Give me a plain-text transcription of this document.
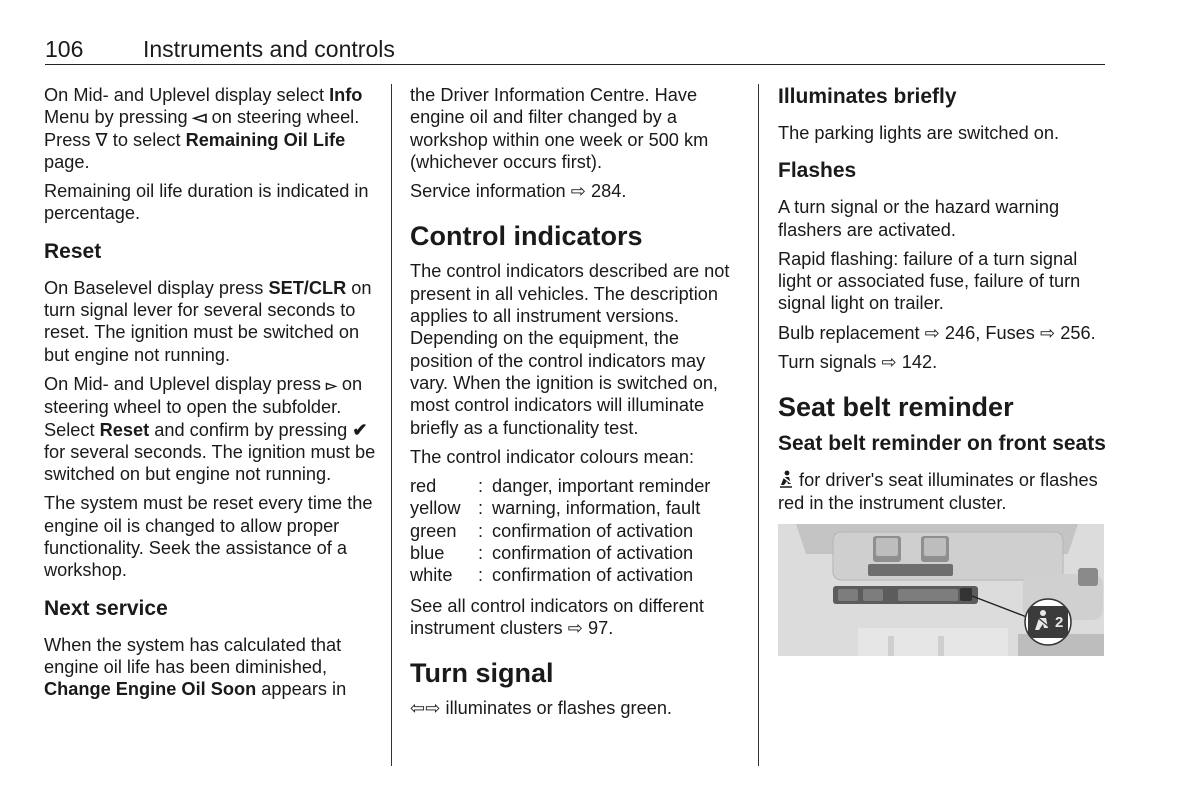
106	Instruments and controls

On Mid- and Uplevel display select Info Menu by pressing ◅ on steering wheel. Press ∇ to select Remaining Oil Life page.

Remaining oil life duration is indicated in percentage.

Reset

On Baselevel display press SET/CLR on turn signal lever for several seconds to reset. The ignition must be switched on but engine not running.

On Mid- and Uplevel display press ▻ on steering wheel to open the subfolder. Select Reset and confirm by pressing ✔ for several seconds. The ignition must be switched on but engine not running.

The system must be reset every time the engine oil is changed to allow proper functionality. Seek the assistance of a workshop.

Next service

When the system has calculated that engine oil life has been diminished, Change Engine Oil Soon appears in

the Driver Information Centre. Have engine oil and filter changed by a workshop within one week or 500 km (whichever occurs first).

Service information ⇨ 284.

Control indicators

The control indicators described are not present in all vehicles. The description applies to all instrument versions. Depending on the equipment, the position of the control indicators may vary. When the ignition is switched on, most control indicators will illuminate briefly as a functionality test.

The control indicator colours mean:

red	:	danger, important reminder
yellow	:	warning, information, fault
green	:	confirmation of activation
blue	:	confirmation of activation
white	:	confirmation of activation

See all control indicators on different instrument clusters ⇨ 97.

Turn signal

⇦⇨ illuminates or flashes green.

Illuminates briefly

The parking lights are switched on.

Flashes

A turn signal or the hazard warning flashers are activated.

Rapid flashing: failure of a turn signal light or associated fuse, failure of turn signal light on trailer.

Bulb replacement ⇨ 246, Fuses ⇨ 256.

Turn signals ⇨ 142.

Seat belt reminder
Seat belt reminder on front seats

for driver's seat illuminates or flashes red in the instrument cluster.

2
